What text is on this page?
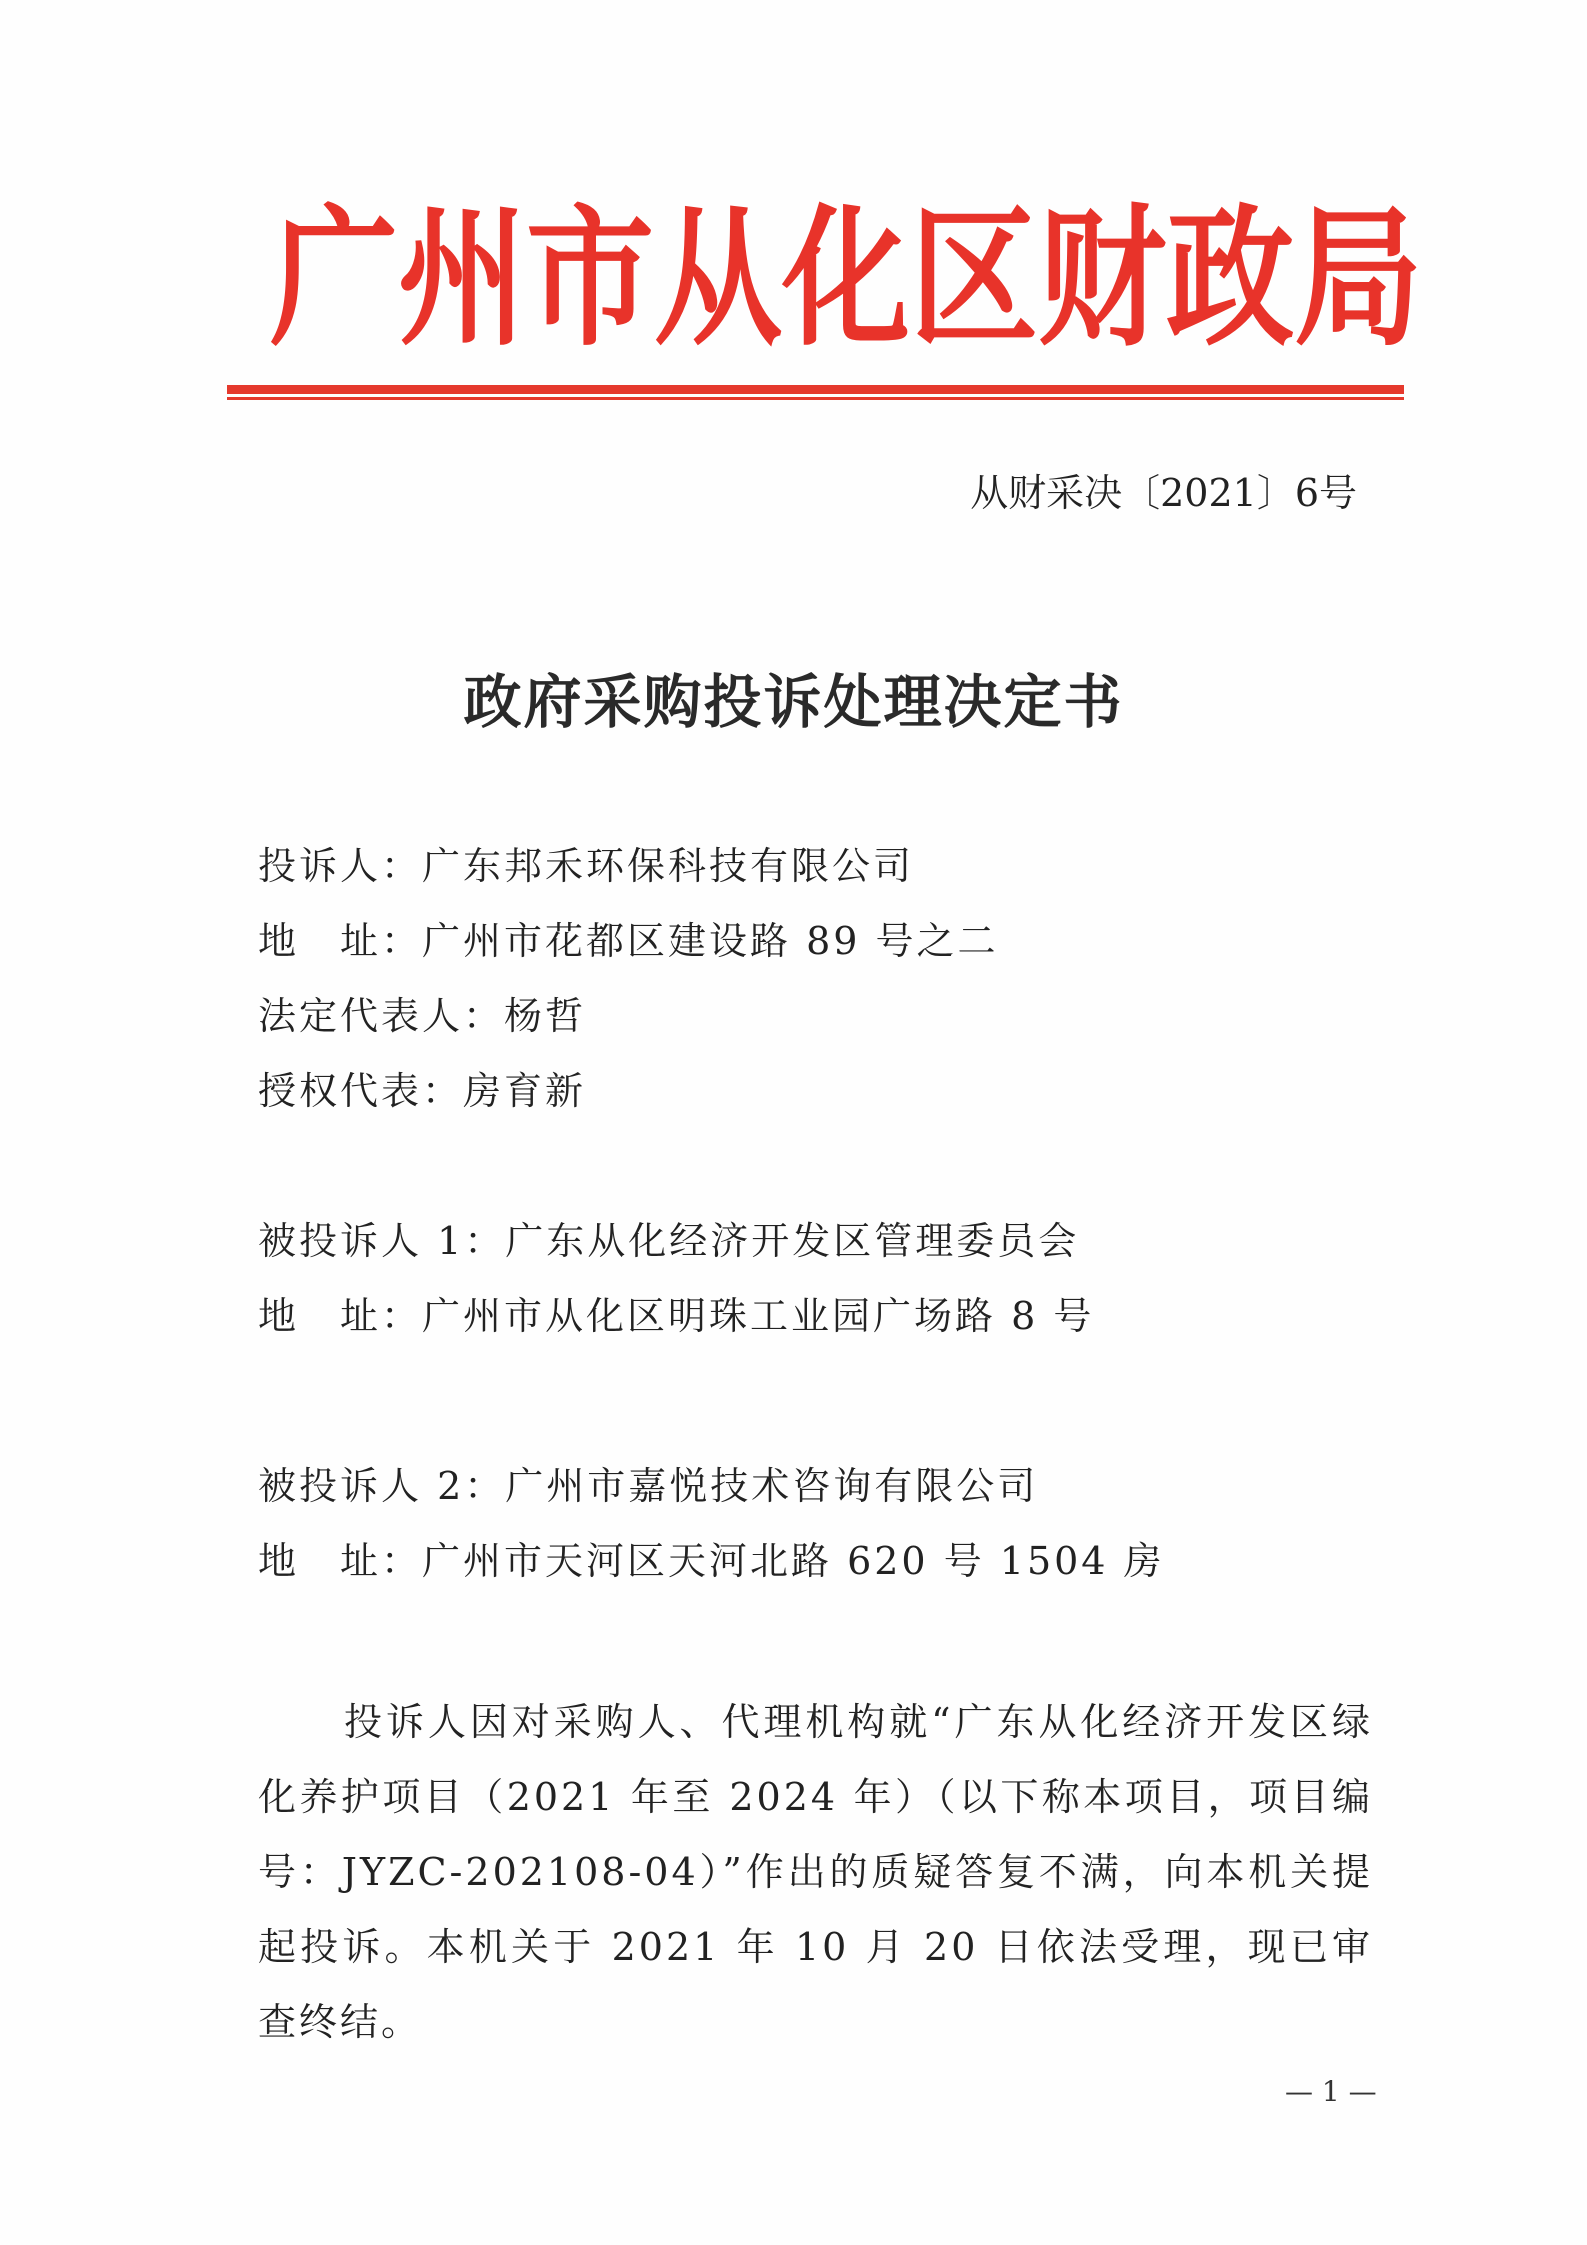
广 州 市 从 化 区 财 政 局
从财采决〔2021〕6号
政府采购投诉处理决定书
投诉人：广东邦禾环保科技有限公司
地　址：广州市花都区建设路 89 号之二
法定代表人：杨哲
授权代表：房育新
被投诉人 1：广东从化经济开发区管理委员会
地　址：广州市从化区明珠工业园广场路 8 号
被投诉人 2：广州市嘉悦技术咨询有限公司
地　址：广州市天河区天河北路 620 号 1504 房
投诉人因对采购人、代理机构就“广东从化经济开发区绿化养护项目（2021 年至 2024 年）（以下称本项目，项目编号：JYZC-202108-04）”作出的质疑答复不满，向本机关提起投诉。本机关于 2021 年 10 月 20 日依法受理，现已审查终结。
— 1 —
